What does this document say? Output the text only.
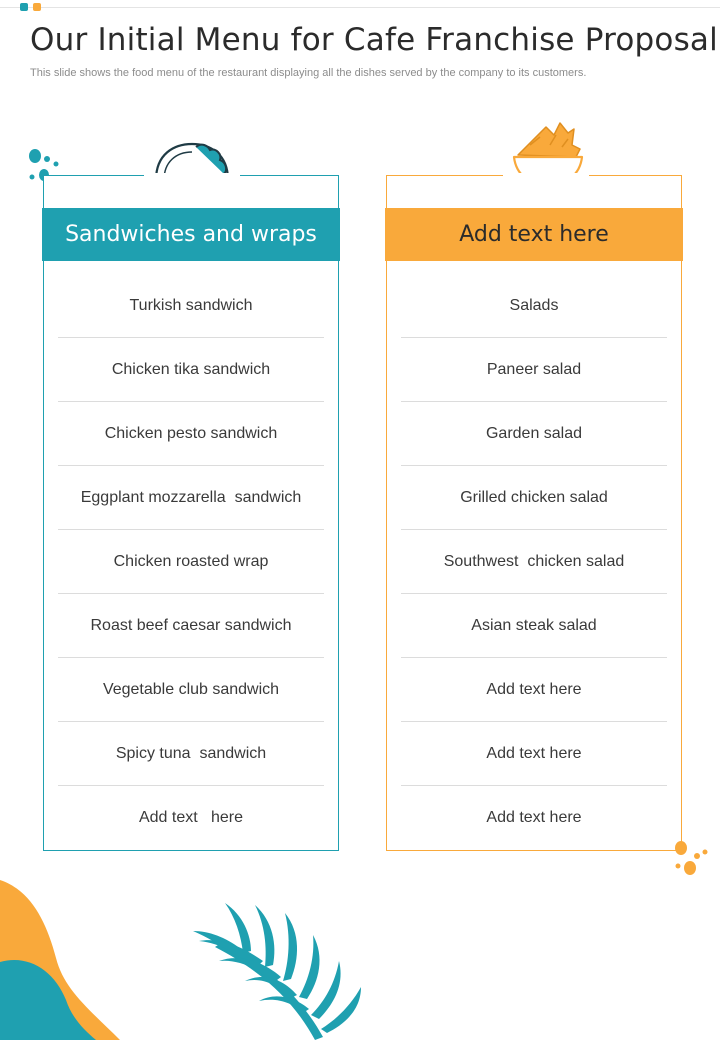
Our Initial Menu for Cafe Franchise Proposal

This slide shows the food menu of the restaurant displaying all the dishes served by the company to its customers.

Sandwiches and wraps
Turkish sandwich
Chicken tika sandwich
Chicken pesto sandwich
Eggplant mozzarella  sandwich
Chicken roasted wrap
Roast beef caesar sandwich
Vegetable club sandwich
Spicy tuna  sandwich
Add text   here
Add text here
Salads
Paneer salad
Garden salad
Grilled chicken salad
Southwest  chicken salad
Asian steak salad
Add text here
Add text here
Add text here
